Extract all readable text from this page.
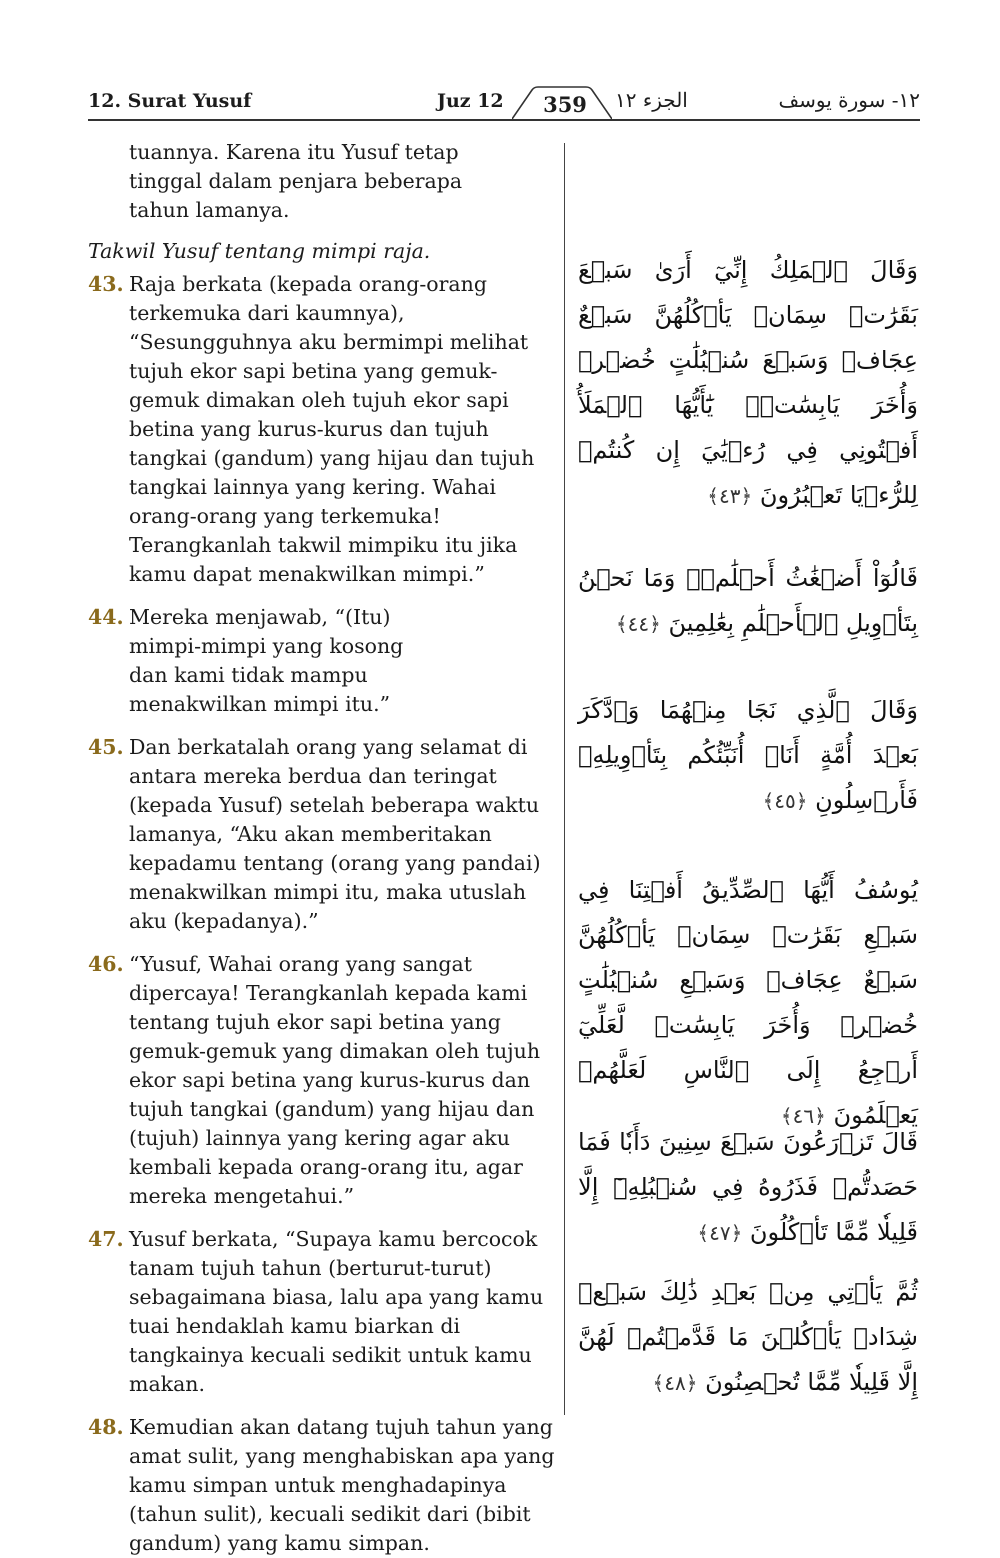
12. Surat Yusuf	Juz 12	359	الجزء ١٢	١٢- سورة يوسف
tuannya. Karena itu Yusuf tetap tinggal dalam penjara beberapa tahun lamanya.
Takwil Yusuf tentang mimpi raja.
43. Raja berkata (kepada orang-orang terkemuka dari kaumnya), “Sesungguhnya aku bermimpi melihat tujuh ekor sapi betina yang gemuk-gemuk dimakan oleh tujuh ekor sapi betina yang kurus-kurus dan tujuh tangkai (gandum) yang hijau dan tujuh tangkai lainnya yang kering. Wahai orang-orang yang terkemuka! Terangkanlah takwil mimpiku itu jika kamu dapat menakwilkan mimpi.”
44. Mereka menjawab, “(Itu) mimpi-mimpi yang kosong dan kami tidak mampu menakwilkan mimpi itu.”
45. Dan berkatalah orang yang selamat di antara mereka berdua dan teringat (kepada Yusuf) setelah beberapa waktu lamanya, “Aku akan memberitakan kepadamu tentang (orang yang pandai) menakwilkan mimpi itu, maka utuslah aku (kepadanya).”
46. “Yusuf, Wahai orang yang sangat dipercaya! Terangkanlah kepada kami tentang tujuh ekor sapi betina yang gemuk-gemuk yang dimakan oleh tujuh ekor sapi betina yang kurus-kurus dan tujuh tangkai (gandum) yang hijau dan (tujuh) lainnya yang kering agar aku kembali kepada orang-orang itu, agar mereka mengetahui.”
47. Yusuf berkata, “Supaya kamu bercocok tanam tujuh tahun (berturut-turut) sebagaimana biasa, lalu apa yang kamu tuai hendaklah kamu biarkan di tangkainya kecuali sedikit untuk kamu makan.
48. Kemudian akan datang tujuh tahun yang amat sulit, yang menghabiskan apa yang kamu simpan untuk menghadapinya (tahun sulit), kecuali sedikit dari (bibit gandum) yang kamu simpan.
وَقَالَ ٱلۡمَلِكُ إِنِّيٓ أَرَىٰ سَبۡعَ بَقَرَٰتٖ سِمَانٖ يَأۡكُلُهُنَّ سَبۡعٌ عِجَافٞ وَسَبۡعَ سُنۢبُلَٰتٍ خُضۡرٖ وَأُخَرَ يَابِسَٰتٖۖ يَٰٓأَيُّهَا ٱلۡمَلَأُ أَفۡتُونِي فِي رُءۡيَٰيَ إِن كُنتُمۡ لِلرُّءۡيَا تَعۡبُرُونَ ﴿٤٣﴾
قَالُوٓاْ أَضۡغَٰثُ أَحۡلَٰمٖۖ وَمَا نَحۡنُ بِتَأۡوِيلِ ٱلۡأَحۡلَٰمِ بِعَٰلِمِينَ ﴿٤٤﴾
وَقَالَ ٱلَّذِي نَجَا مِنۡهُمَا وَٱدَّكَرَ بَعۡدَ أُمَّةٍ أَنَا۠ أُنَبِّئُكُم بِتَأۡوِيلِهِۦ فَأَرۡسِلُونِ ﴿٤٥﴾
يُوسُفُ أَيُّهَا ٱلصِّدِّيقُ أَفۡتِنَا فِي سَبۡعِ بَقَرَٰتٖ سِمَانٖ يَأۡكُلُهُنَّ سَبۡعٌ عِجَافٞ وَسَبۡعِ سُنۢبُلَٰتٍ خُضۡرٖ وَأُخَرَ يَابِسَٰتٖ لَّعَلِّيٓ أَرۡجِعُ إِلَى ٱلنَّاسِ لَعَلَّهُمۡ يَعۡلَمُونَ ﴿٤٦﴾
قَالَ تَزۡرَعُونَ سَبۡعَ سِنِينَ دَأَبٗا فَمَا حَصَدتُّمۡ فَذَرُوهُ فِي سُنۢبُلِهِۦٓ إِلَّا قَلِيلٗا مِّمَّا تَأۡكُلُونَ ﴿٤٧﴾
ثُمَّ يَأۡتِي مِنۢ بَعۡدِ ذَٰلِكَ سَبۡعٞ شِدَادٞ يَأۡكُلۡنَ مَا قَدَّمۡتُمۡ لَهُنَّ إِلَّا قَلِيلٗا مِّمَّا تُحۡصِنُونَ ﴿٤٨﴾
